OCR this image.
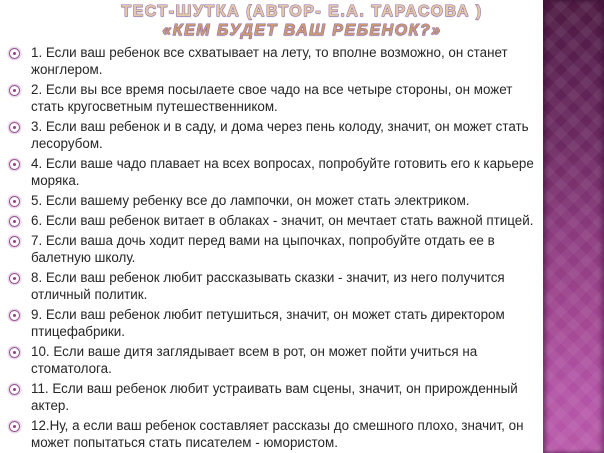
ТЕСТ-ШУТКА (АВТОР- Е.А. ТАРАСОВА )
«КЕМ БУДЕТ ВАШ РЕБЕНОК?»
1. Если ваш ребенок все схватывает на лету, то вполне возможно, он станет жонглером.
2. Если вы все время посылаете свое чадо на все четыре стороны, он может стать кругосветным путешественником.
3. Если ваш ребенок и в саду, и дома через пень колоду, значит, он может стать лесорубом.
4. Если ваше чадо плавает на всех вопросах, попробуйте готовить его к карьере моряка.
5. Если вашему ребенку все до лампочки, он может стать электриком.
6. Если ваш ребенок витает в облаках - значит, он мечтает стать важной птицей.
7. Если ваша дочь ходит перед вами на цыпочках, попробуйте отдать ее в балетную школу.
8. Если ваш ребенок любит рассказывать сказки - значит, из него получится отличный политик.
9. Если ваш ребенок любит петушиться, значит, он может стать директором птицефабрики.
10. Если ваше дитя заглядывает всем в рот, он может пойти учиться на стоматолога.
11. Если ваш ребенок любит устраивать вам сцены, значит, он прирожденный актер.
12.Ну, а если ваш ребенок составляет рассказы до смешного плохо, значит, он может попытаться стать писателем - юмористом.
